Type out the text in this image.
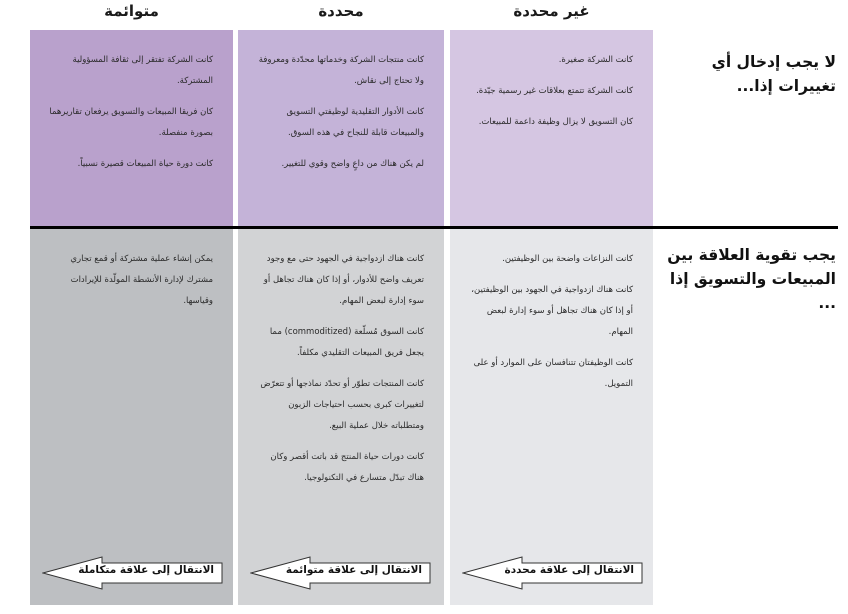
غير محددة
محددة
متوائمة

كانت الشركة صغيرة.

كانت الشركة تتمتع بعلاقات غير رسمية جيّدة.

كان التسويق لا يزال وظيفة داعمة للمبيعات.

كانت منتجات الشركة وخدماتها محدّدة ومعروفة ولا تحتاج إلى نقاش.

كانت الأدوار التقليدية لوظيفتي التسويق والمبيعات قابلة للنجاح في هذه السوق.

لم يكن هناك من داعٍ واضح وقوي للتغيير.

كانت الشركة تفتقر إلى ثقافة المسؤولية المشتركة.

كان فريقا المبيعات والتسويق يرفعان تقاريرهما بصورة منفصلة.

كانت دورة حياة المبيعات قصيرة نسبياً.

كانت النزاعات واضحة بين الوظيفتين.

كانت هناك ازدواجية في الجهود بين الوظيفتين، أو إذا كان هناك تجاهل أو سوء إدارة لبعض المهام.

كانت الوظيفتان تتنافسان على الموارد أو على التمويل.

كانت هناك ازدواجية في الجهود حتى مع وجود تعريف واضح للأدوار، أو إذا كان هناك تجاهل أو سوء إدارة لبعض المهام.

كانت السوق مُسلّعة (commoditized) مما يجعل فريق المبيعات التقليدي مكلفاً.

كانت المنتجات تطوّر أو تحدّد نماذجها أو تتعرّض لتغييرات كبرى بحسب احتياجات الزبون ومتطلباته خلال عملية البيع.

كانت دورات حياة المنتج قد باتت أقصر وكان هناك تبدّل متسارع في التكنولوجيا.

يمكن إنشاء عملية مشتركة أو قمع تجاري مشترك لإدارة الأنشطة المولّدة للإيرادات وقياسها.

لا يجب إدخال أي تغييرات إذا...
يجب تقوية العلاقة بين المبيعات والتسويق إذا ...
الانتقال إلى علاقة محددة
الانتقال إلى علاقة متوائمة
الانتقال إلى علاقة متكاملة
